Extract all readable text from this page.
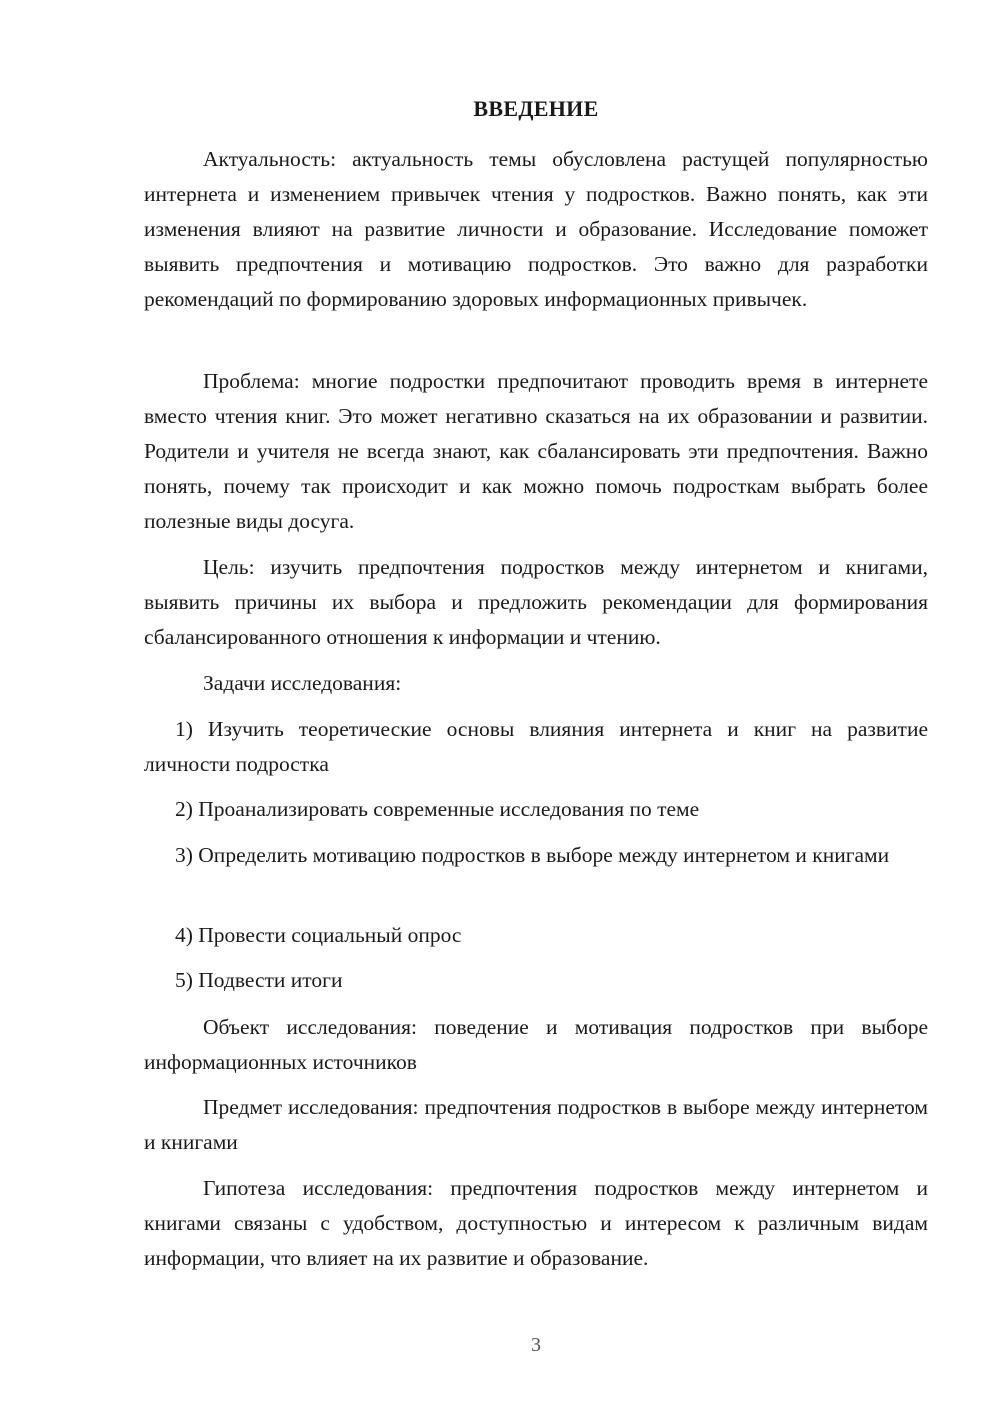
ВВЕДЕНИЕ

Актуальность: актуальность темы обусловлена растущей популярностью интернета и изменением привычек чтения у подростков. Важно понять, как эти изменения влияют на развитие личности и образование. Исследование поможет выявить предпочтения и мотивацию подростков. Это важно для разработки рекомендаций по формированию здоровых информационных привычек.

Проблема: многие подростки предпочитают проводить время в интернете вместо чтения книг. Это может негативно сказаться на их образовании и развитии. Родители и учителя не всегда знают, как сбалансировать эти предпочтения. Важно понять, почему так происходит и как можно помочь подросткам выбрать более полезные виды досуга.

Цель: изучить предпочтения подростков между интернетом и книгами, выявить причины их выбора и предложить рекомендации для формирования сбалансированного отношения к информации и чтению.

Задачи исследования:

1) Изучить теоретические основы влияния интернета и книг на развитие личности подростка

2) Проанализировать современные исследования по теме

3) Определить мотивацию подростков в выборе между интернетом и книгами

4) Провести социальный опрос

5) Подвести итоги

Объект исследования: поведение и мотивация подростков при выборе информационных источников

Предмет исследования: предпочтения подростков в выборе между интернетом и книгами

Гипотеза исследования: предпочтения подростков между интернетом и книгами связаны с удобством, доступностью и интересом к различным видам информации, что влияет на их развитие и образование.

3
